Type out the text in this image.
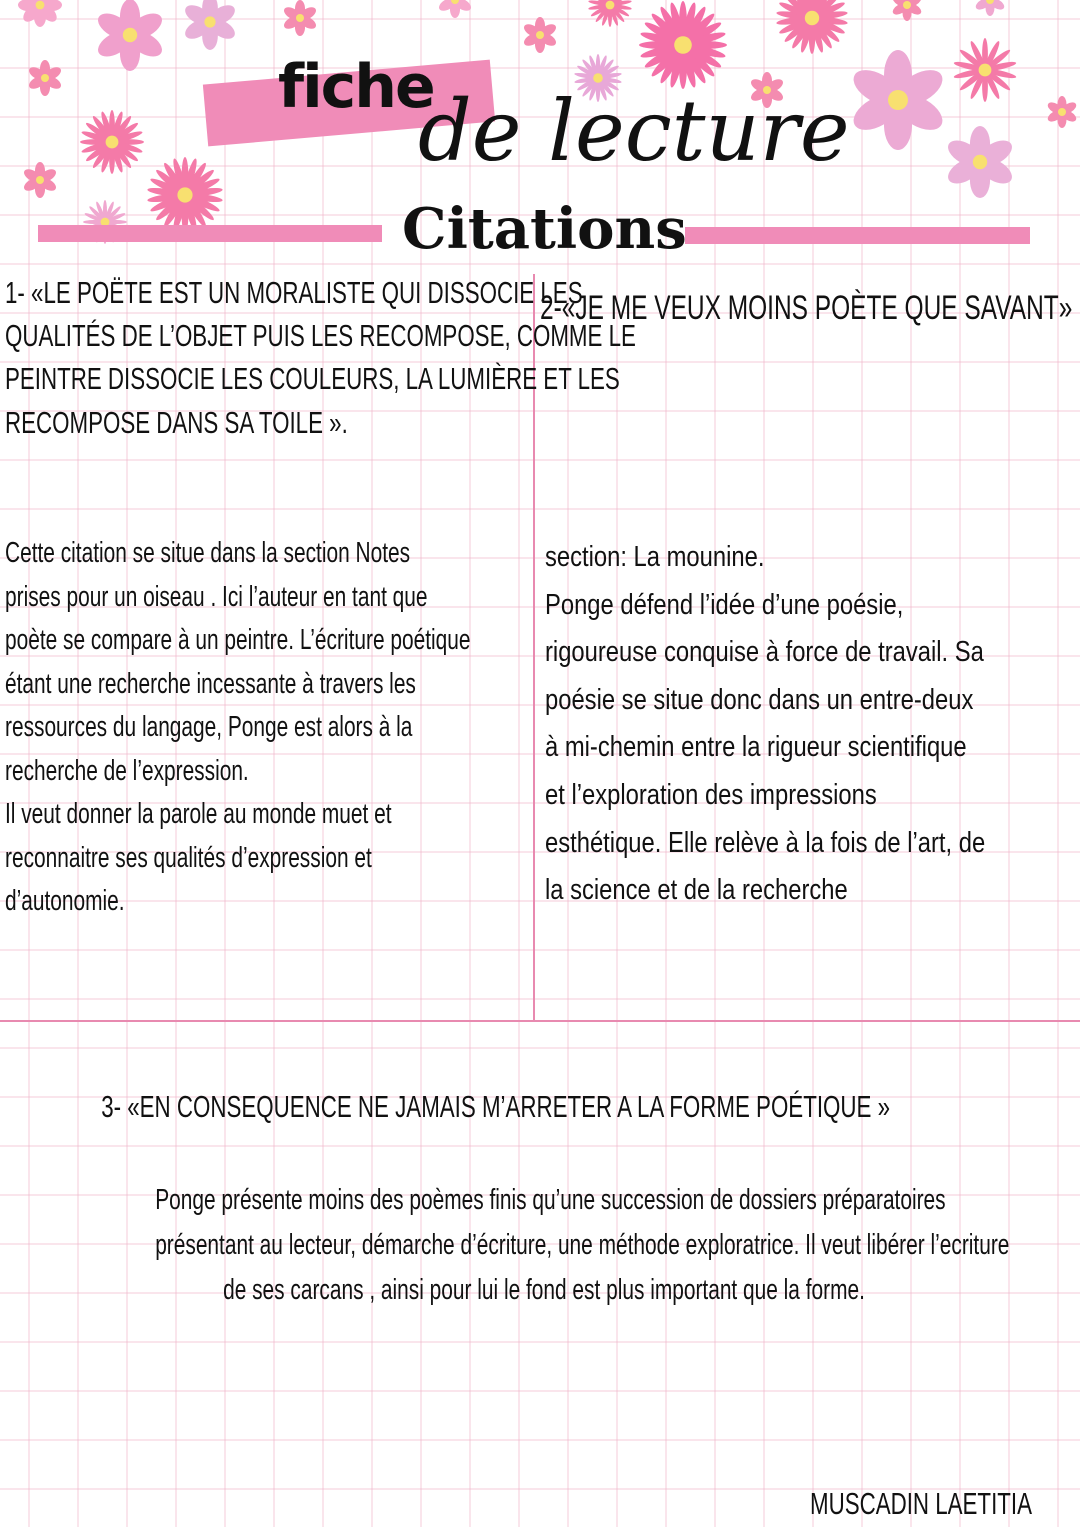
fiche
de lecture
Citations
1- «LE POËTE EST UN MORALISTE QUI DISSOCIE LES
QUALITÉS DE L’OBJET PUIS LES RECOMPOSE, COMME LE
PEINTRE DISSOCIE LES COULEURS, LA LUMIÈRE ET LES
RECOMPOSE DANS SA TOILE ».
Cette citation se situe dans la section Notes
prises pour un oiseau . Ici l’auteur en tant que
poète se compare à un peintre. L’écriture poétique
étant une recherche incessante à travers les
ressources du langage, Ponge est alors à la
recherche de l’expression.
Il veut donner la parole au monde muet et
reconnaitre ses qualités d’expression et
d’autonomie.
2-«JE ME VEUX MOINS POÈTE QUE SAVANT»
section: La mounine.
Ponge défend l’idée d’une poésie,
rigoureuse conquise à force de travail. Sa
poésie se situe donc dans un entre-deux
à mi-chemin entre la rigueur scientifique
et l’exploration des impressions
esthétique. Elle relève à la fois de l’art, de
la science et de la recherche
3- «EN CONSEQUENCE NE JAMAIS M’ARRETER A LA FORME POÉTIQUE »
Ponge présente moins des poèmes finis qu’une succession de dossiers préparatoires
présentant au lecteur, démarche d’écriture, une méthode exploratrice. Il veut libérer l’ecriture
de ses carcans , ainsi pour lui le fond est plus important que la forme.
MUSCADIN LAETITIA
